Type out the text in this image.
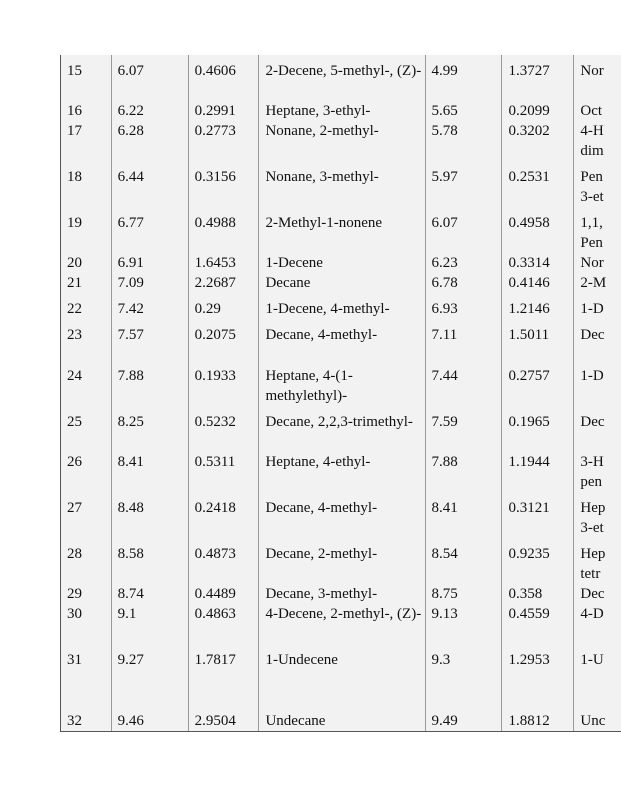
15	6.07	0.4606	2-Decene, 5-methyl-, (Z)-	4.99	1.3727	Nor
16	6.22	0.2991	Heptane, 3-ethyl-	5.65	0.2099	Oct
17	6.28	0.2773	Nonane, 2-methyl-	5.78	0.3202	4-H
dim
18	6.44	0.3156	Nonane, 3-methyl-	5.97	0.2531	Pen
3-et
19	6.77	0.4988	2-Methyl-1-nonene	6.07	0.4958	1,1,
Pen
20	6.91	1.6453	1-Decene	6.23	0.3314	Nor
21	7.09	2.2687	Decane	6.78	0.4146	2-M
22	7.42	0.29	1-Decene, 4-methyl-	6.93	1.2146	1-D
23	7.57	0.2075	Decane, 4-methyl-	7.11	1.5011	Dec
24	7.88	0.1933	Heptane, 4-(1-methylethyl)-	7.44	0.2757	1-D
25	8.25	0.5232	Decane, 2,2,3-trimethyl-	7.59	0.1965	Dec
26	8.41	0.5311	Heptane, 4-ethyl-	7.88	1.1944	3-H
pen
27	8.48	0.2418	Decane, 4-methyl-	8.41	0.3121	Hep
3-et
28	8.58	0.4873	Decane, 2-methyl-	8.54	0.9235	Hep
tetr
29	8.74	0.4489	Decane, 3-methyl-	8.75	0.358	Dec
30	9.1	0.4863	4-Decene, 2-methyl-, (Z)-	9.13	0.4559	4-D
31	9.27	1.7817	1-Undecene	9.3	1.2953	1-U
32	9.46	2.9504	Undecane	9.49	1.8812	Unc
